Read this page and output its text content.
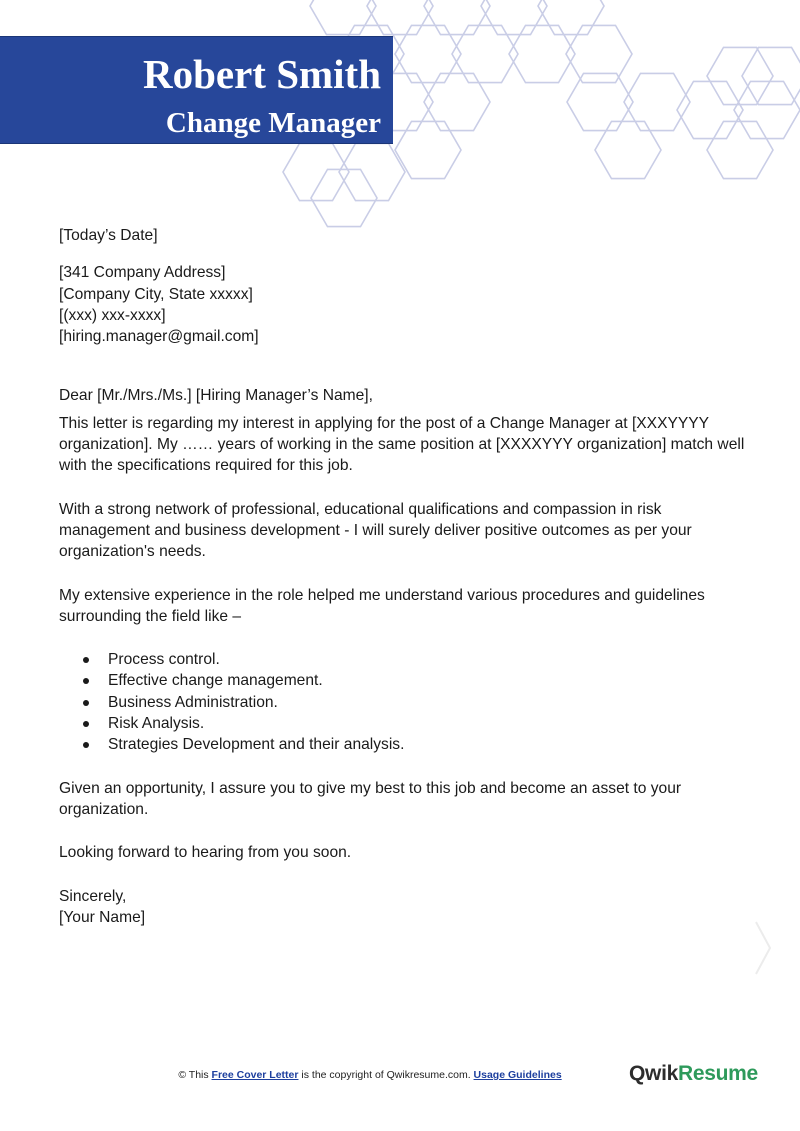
Robert Smith
Change Manager

[Today’s Date]

[341 Company Address]

[Company City, State xxxxx]

[(xxx) xxx-xxxx]

[hiring.manager@gmail.com]

Dear [Mr./Mrs./Ms.] [Hiring Manager’s Name],

This letter is regarding my interest in applying for the post of a Change Manager at [XXXYYYY organization]. My …… years of working in the same position at [XXXXYYY organization] match well with the specifications required for this job.

With a strong network of professional, educational qualifications and compassion in risk management and business development - I will surely deliver positive outcomes as per your organization's needs.

My extensive experience in the role helped me understand various procedures and guidelines surrounding the field like –

Process control.
Effective change management.
Business Administration.
Risk Analysis.
Strategies Development and their analysis.

Given an opportunity, I assure you to give my best to this job and become an asset to your organization.

Looking forward to hearing from you soon.

Sincerely,

[Your Name]

© This Free Cover Letter is the copyright of Qwikresume.com. Usage Guidelines	QwikResume
